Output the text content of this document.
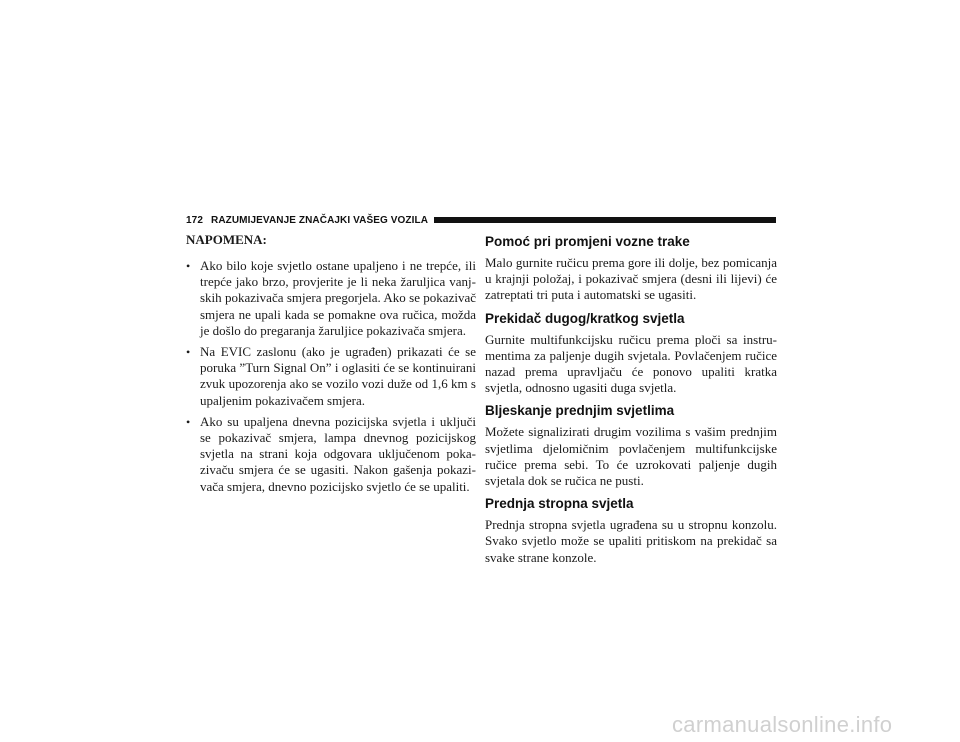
172 RAZUMIJEVANJE ZNAČAJKI VAŠEG VOZILA
NAPOMENA:
• Ako bilo koje svjetlo ostane upaljeno i ne trepće, ili trepće jako brzo, provjerite je li neka žaruljica vanjskih pokazivača smjera pregorjela. Ako se pokazivač smjera ne upali kada se pomakne ova ručica, možda je došlo do pregaranja žaruljice pokazivača smjera.
• Na EVIC zaslonu (ako je ugrađen) prikazati će se poruka ”Turn Signal On” i oglasiti će se kontinuirani zvuk upozorenja ako se vozilo vozi duže od 1,6 km s upaljenim pokazivačem smjera.
• Ako su upaljena dnevna pozicijska svjetla i uključi se pokazivač smjera, lampa dnevnog pozicijskog svjetla na strani koja odgovara uključenom pokazivaču smjera će se ugasiti. Nakon gašenja pokazivača smjera, dnevno pozicijsko svjetlo će se upaliti.
Pomoć pri promjeni vozne trake

Malo gurnite ručicu prema gore ili dolje, bez pomicanja u krajnji položaj, i pokazivač smjera (desni ili lijevi) će zatreptati tri puta i automatski se ugasiti.

Prekidač dugog/kratkog svjetla

Gurnite multifunkcijsku ručicu prema ploči sa instrumentima za paljenje dugih svjetala. Povlačenjem ručice nazad prema upravljaču će ponovo upaliti kratka svjetla, odnosno ugasiti duga svjetla.

Bljeskanje prednjim svjetlima

Možete signalizirati drugim vozilima s vašim prednjim svjetlima djelomičnim povlačenjem multifunkcijske ručice prema sebi. To će uzrokovati paljenje dugih svjetala dok se ručica ne pusti.

Prednja stropna svjetla

Prednja stropna svjetla ugrađena su u stropnu konzolu. Svako svjetlo može se upaliti pritiskom na prekidač sa svake strane konzole.

carmanualsonline.info
